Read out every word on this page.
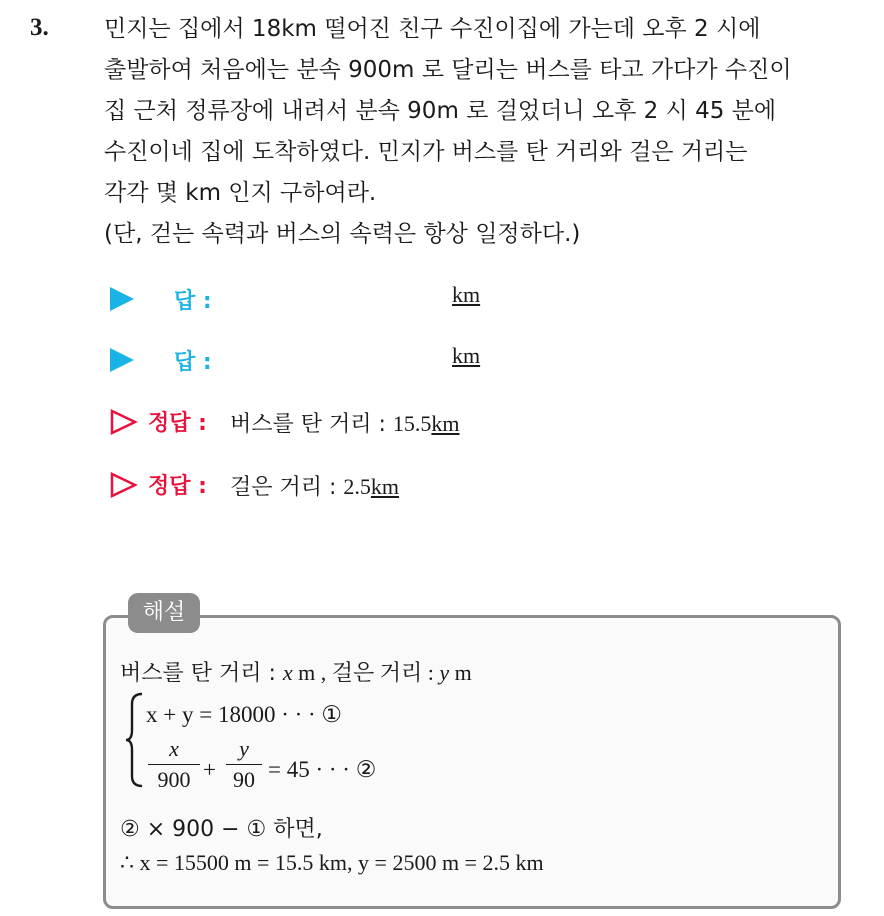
3. 민지는 집에서 18km 떨어진 친구 수진이집에 가는데 오후 2 시에
출발하여 처음에는 분속 900m 로 달리는 버스를 타고 가다가 수진이
집 근처 정류장에 내려서 분속 90m 로 걸었더니 오후 2 시 45 분에
수진이네 집에 도착하였다. 민지가 버스를 탄 거리와 걸은 거리는
각각 몇 km 인지 구하여라.
(단, 걷는 속력과 버스의 속력은 항상 일정하다.)
답 :	km
답 :	km
정답 : 버스를 탄 거리 : 15.5km
정답 : 걸은 거리 : 2.5km
해설
버스를 탄 거리 : x m , 걸은 거리 : y m
x + y = 18000 · · · ①
x
900 +
y
90 = 45 · · · ②
② × 900 − ① 하면,
∴ x = 15500 m = 15.5 km, y = 2500 m = 2.5 km
